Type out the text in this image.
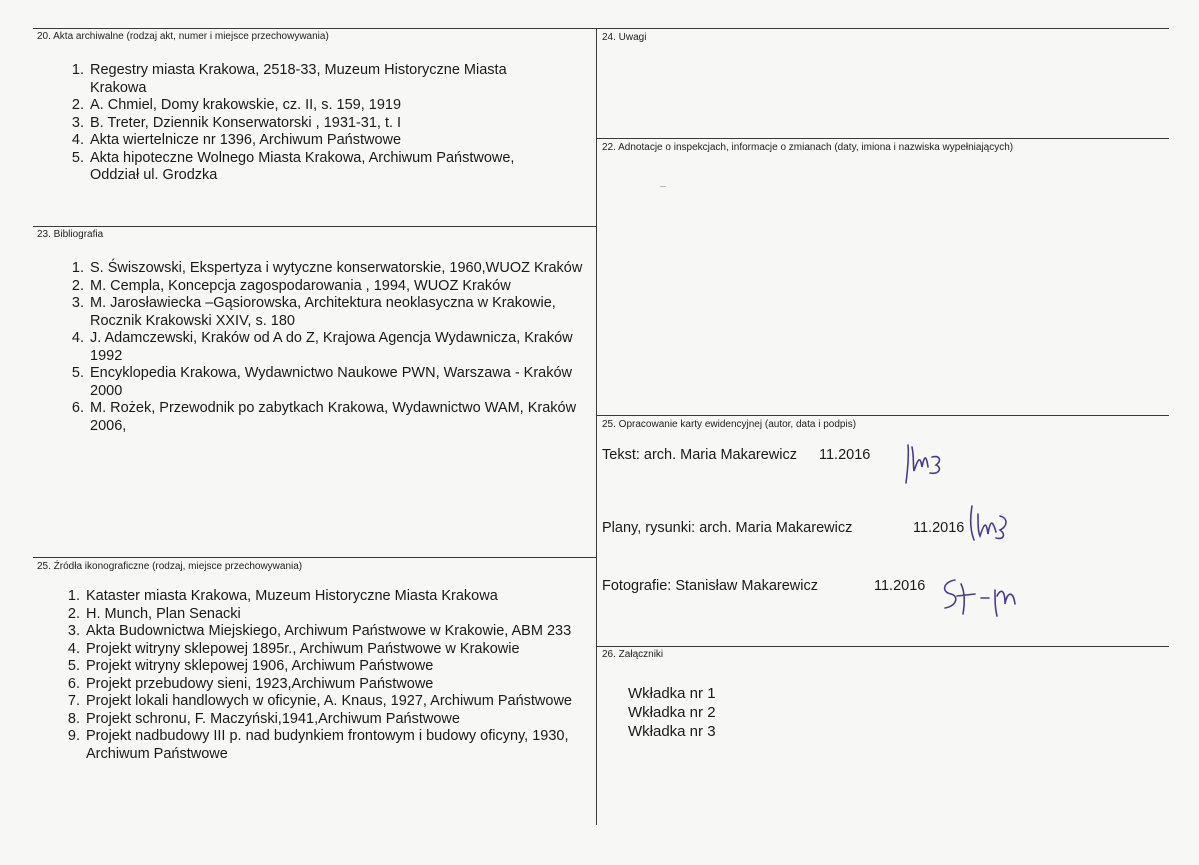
20. Akta archiwalne (rodzaj akt, numer i miejsce przechowywania)
1. Regestry miasta Krakowa, 2518-33, Muzeum Historyczne Miasta Krakowa
2. A. Chmiel, Domy krakowskie, cz. II, s. 159, 1919
3. B. Treter, Dziennik Konserwatorski , 1931-31, t. I
4. Akta wiertelnicze nr 1396, Archiwum Państwowe
5. Akta hipoteczne Wolnego Miasta Krakowa, Archiwum Państwowe, Oddział ul. Grodzka
23. Bibliografia
1. S. Świszowski, Ekspertyza i wytyczne konserwatorskie, 1960,WUOZ Kraków
2. M. Cempla, Koncepcja zagospodarowania , 1994, WUOZ Kraków
3. M. Jarosławiecka –Gąsiorowska, Architektura neoklasyczna w Krakowie, Rocznik Krakowski XXIV, s. 180
4. J. Adamczewski, Kraków od A do Z, Krajowa Agencja Wydawnicza, Kraków 1992
5. Encyklopedia Krakowa, Wydawnictwo Naukowe PWN, Warszawa - Kraków 2000
6. M. Rożek, Przewodnik po zabytkach Krakowa, Wydawnictwo WAM, Kraków 2006,
25. Źródła ikonograficzne (rodzaj, miejsce przechowywania)
1. Kataster miasta Krakowa, Muzeum Historyczne Miasta Krakowa
2. H. Munch, Plan Senacki
3. Akta Budownictwa Miejskiego, Archiwum Państwowe w Krakowie, ABM 233
4. Projekt witryny sklepowej 1895r., Archiwum Państwowe w Krakowie
5. Projekt witryny sklepowej 1906, Archiwum Państwowe
6. Projekt przebudowy sieni, 1923,Archiwum Państwowe
7. Projekt lokali handlowych w oficynie, A. Knaus, 1927, Archiwum Państwowe
8. Projekt schronu, F. Maczyński,1941,Archiwum Państwowe
9. Projekt nadbudowy III p. nad budynkiem frontowym i budowy oficyny, 1930, Archiwum Państwowe
24. Uwagi
22. Adnotacje o inspekcjach, informacje o zmianach (daty, imiona i nazwiska wypełniających)
25. Opracowanie karty ewidencyjnej (autor, data i podpis)
Tekst: arch. Maria Makarewicz 11.2016
Plany, rysunki: arch. Maria Makarewicz	11.2016
Fotografie: Stanisław Makarewicz	11.2016
26. Załączniki
Wkładka nr 1
Wkładka nr 2
Wkładka nr 3
